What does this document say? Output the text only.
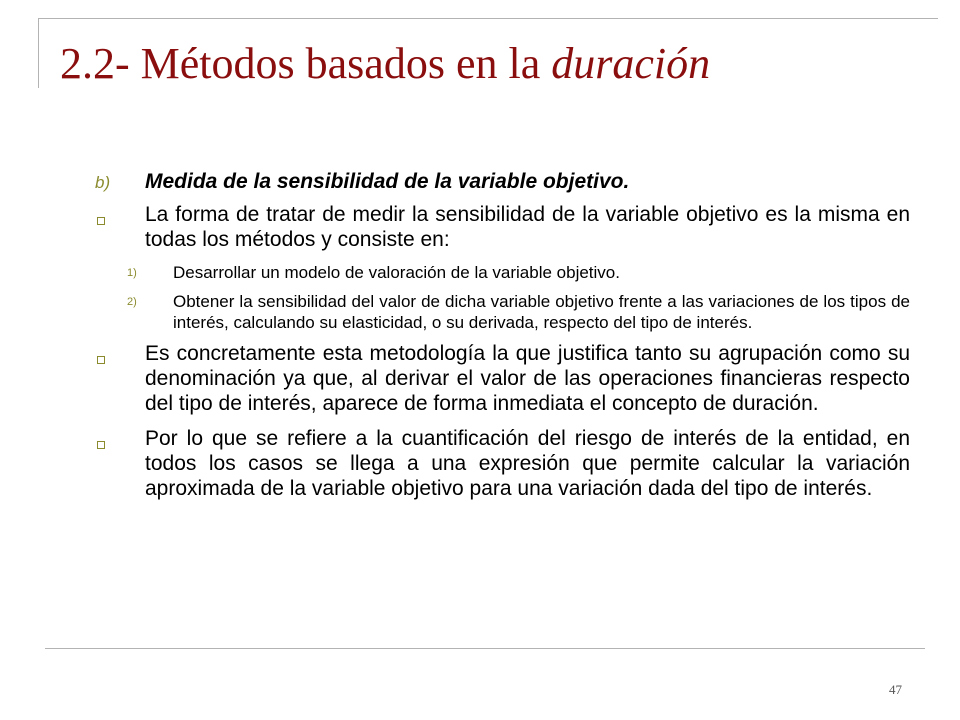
2.2- Métodos basados en la duración
b)	Medida de la sensibilidad de la variable objetivo.
La forma de tratar de medir la sensibilidad de la variable objetivo es la misma en todas los métodos y consiste en:
1)	Desarrollar un modelo de valoración de la variable objetivo.
2)	Obtener la sensibilidad del valor de dicha variable objetivo frente a las variaciones de los tipos de interés, calculando su elasticidad, o su derivada, respecto del tipo de interés.
Es concretamente esta metodología la que justifica tanto su agrupación como su denominación ya que, al derivar el valor de las operaciones financieras respecto del tipo de interés, aparece de forma inmediata el concepto de duración.
Por lo que se refiere a la cuantificación del riesgo de interés de la entidad, en todos los casos se llega a una expresión que permite calcular la variación aproximada de la variable objetivo para una variación dada del tipo de interés.
47
